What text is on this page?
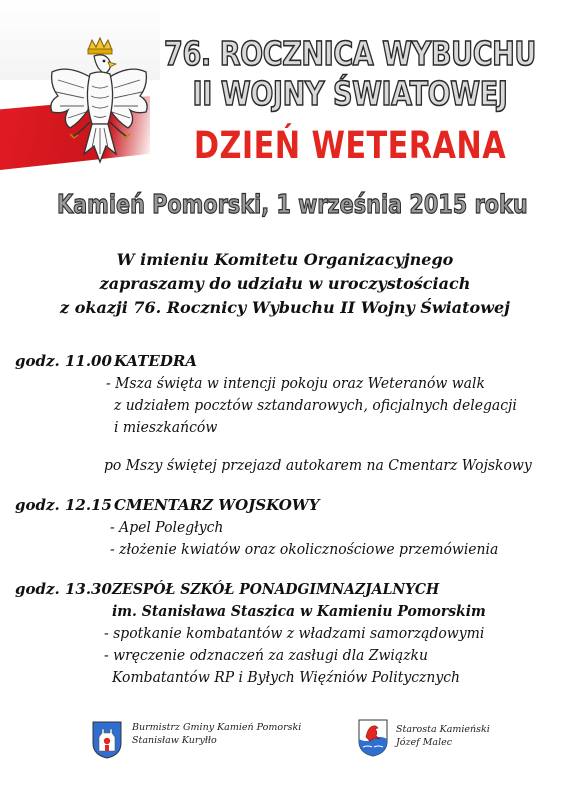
76. ROCZNICA WYBUCHU
II WOJNY ŚWIATOWEJ
DZIEŃ WETERANA
Kamień Pomorski, 1 września 2015 roku
W imieniu Komitetu Organizacyjnego
zapraszamy do udziału w uroczystościach
z okazji 76. Rocznicy Wybuchu II Wojny Światowej
godz. 11.00 KATEDRA
- Msza święta w intencji pokoju oraz Weteranów walk
z udziałem pocztów sztandarowych, oficjalnych delegacji
i mieszkańców
po Mszy świętej przejazd autokarem na Cmentarz Wojskowy
godz. 12.15 CMENTARZ WOJSKOWY
- Apel Poległych
- złożenie kwiatów oraz okolicznościowe przemówienia
godz. 13.30 ZESPÓŁ SZKÓŁ PONADGIMNAZJALNYCH
im. Stanisława Staszica w Kamieniu Pomorskim
- spotkanie kombatantów z władzami samorządowymi
- wręczenie odznaczeń za zasługi dla Związku
Kombatantów RP i Byłych Więźniów Politycznych
Burmistrz Gminy Kamień Pomorski
Stanisław Kuryłło
Starosta Kamieński
Józef Malec
